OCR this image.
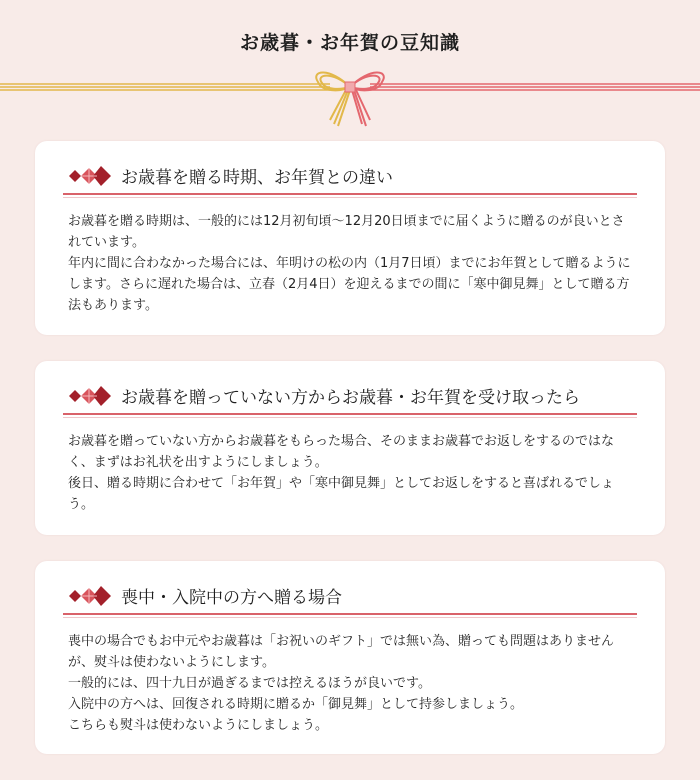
お歳暮・お年賀の豆知識
お歳暮を贈る時期、お年賀との違い

お歳暮を贈る時期は、一般的には12月初旬頃〜12月20日頃までに届くように贈るのが良いとされています。

年内に間に合わなかった場合には、年明けの松の内（1月7日頃）までにお年賀として贈るようにします。さらに遅れた場合は、立春（2月4日）を迎えるまでの間に「寒中御見舞」として贈る方法もあります。

お歳暮を贈っていない方からお歳暮・お年賀を受け取ったら

お歳暮を贈っていない方からお歳暮をもらった場合、そのままお歳暮でお返しをするのではなく、まずはお礼状を出すようにしましょう。

後日、贈る時期に合わせて「お年賀」や「寒中御見舞」としてお返しをすると喜ばれるでしょう。

喪中・入院中の方へ贈る場合

喪中の場合でもお中元やお歳暮は「お祝いのギフト」では無い為、贈っても問題はありませんが、熨斗は使わないようにします。

一般的には、四十九日が過ぎるまでは控えるほうが良いです。

入院中の方へは、回復される時期に贈るか「御見舞」として持参しましょう。

こちらも熨斗は使わないようにしましょう。
